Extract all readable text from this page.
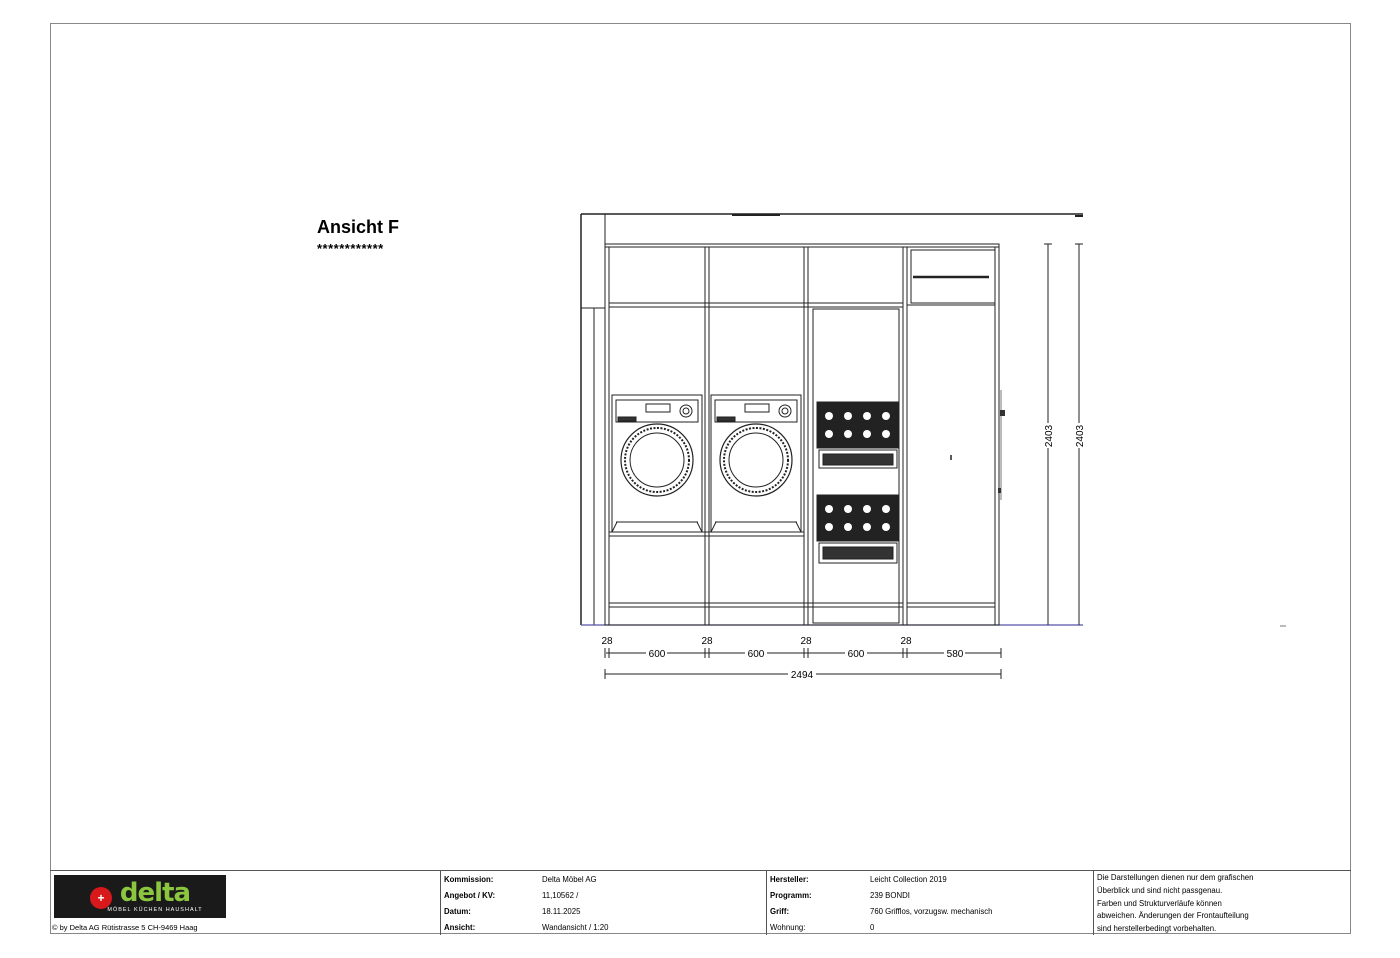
Ansicht F
************
2403 2403
28	28	28	28
600	600	600	580
2494
+ delta
MÖBEL KÜCHEN HAUSHALT
© by Delta AG Rütistrasse 5 CH-9469 Haag
Kommission:	Delta Möbel AG
Angebot / KV:	11,10562 /
Datum:	18.11.2025
Ansicht:	Wandansicht / 1:20
Hersteller:	Leicht Collection 2019
Programm:	239 BONDI
Griff:	760 Grifflos, vorzugsw. mechanisch
Wohnung:	0
Die Darstellungen dienen nur dem grafischen
Überblick und sind nicht passgenau.
Farben und Strukturverläufe können
abweichen. Änderungen der Frontaufteilung
sind herstellerbedingt vorbehalten.
